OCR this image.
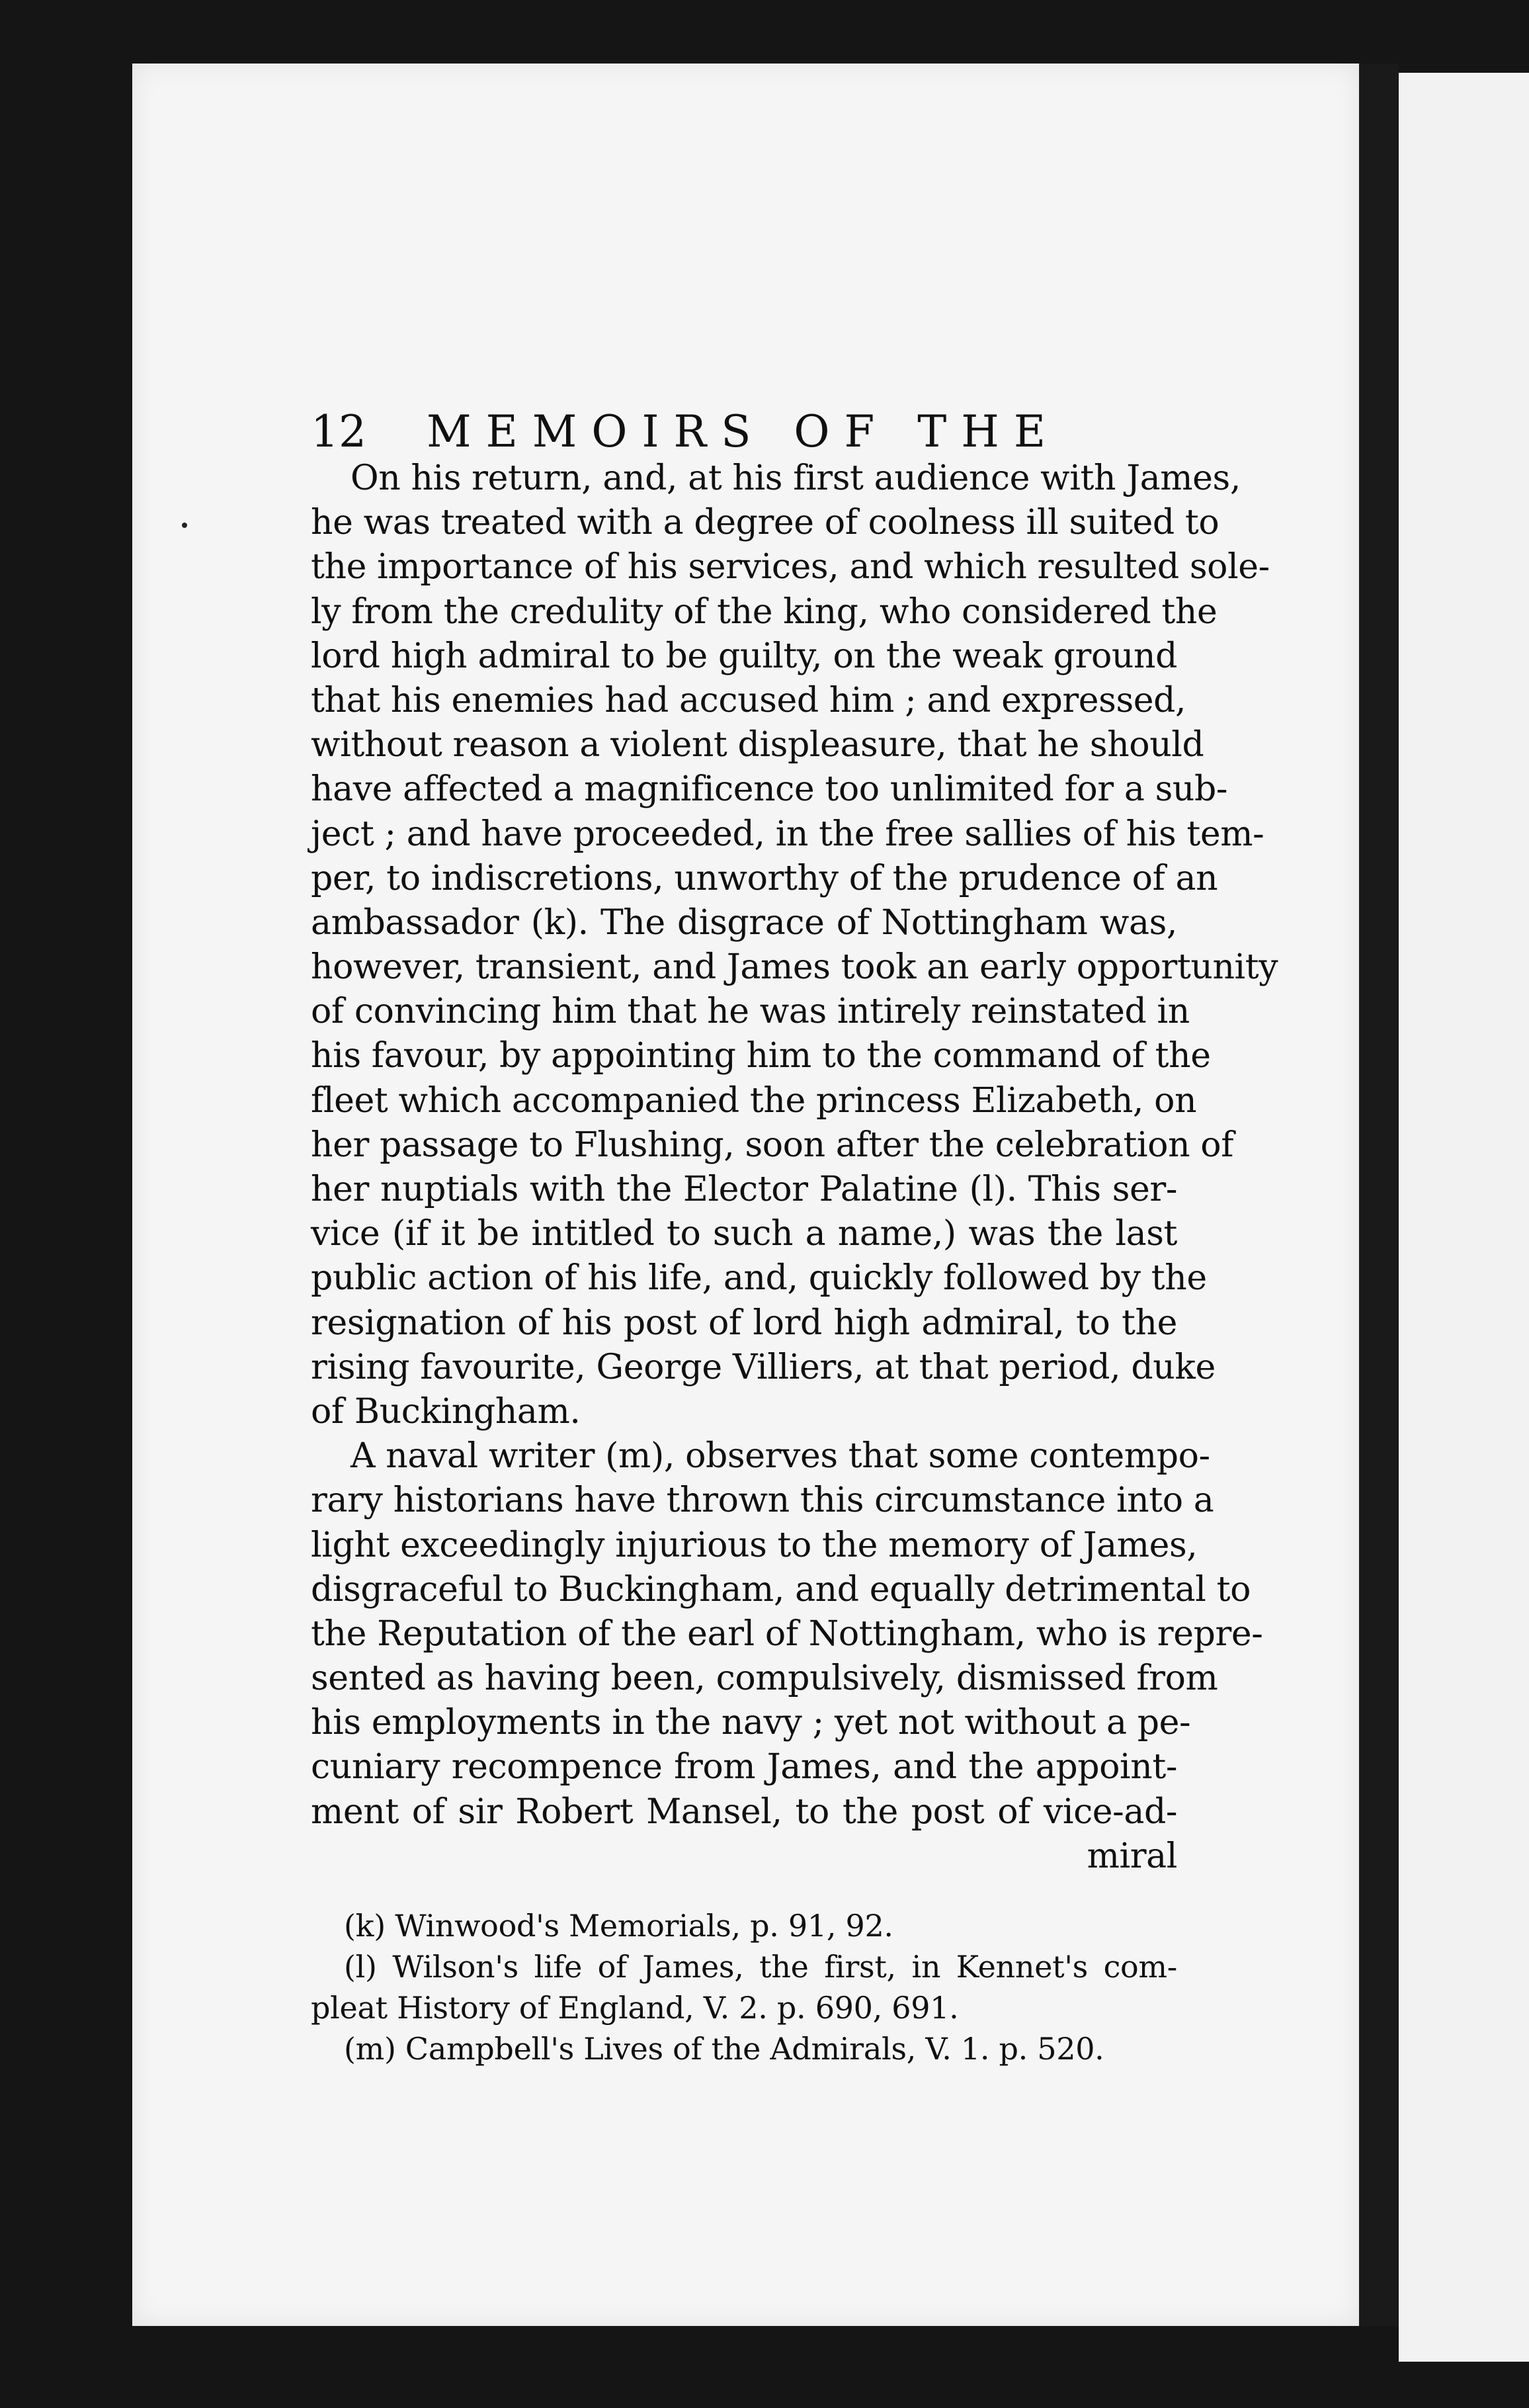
12 MEMOIRS OF THE
On his return, and, at his first audience with James,
he was treated with a degree of coolness ill suited to
the importance of his services, and which resulted sole-
ly from the credulity of the king, who considered the
lord high admiral to be guilty, on the weak ground
that his enemies had accused him ; and expressed,
without reason a violent displeasure, that he should
have affected a magnificence too unlimited for a sub-
ject ; and have proceeded, in the free sallies of his tem-
per, to indiscretions, unworthy of the prudence of an
ambassador (k). The disgrace of Nottingham was,
however, transient, and James took an early opportunity
of convincing him that he was intirely reinstated in
his favour, by appointing him to the command of the
fleet which accompanied the princess Elizabeth, on
her passage to Flushing, soon after the celebration of
her nuptials with the Elector Palatine (l). This ser-
vice (if it be intitled to such a name,) was the last
public action of his life, and, quickly followed by the
resignation of his post of lord high admiral, to the
rising favourite, George Villiers, at that period, duke
of Buckingham.
A naval writer (m), observes that some contempo-
rary historians have thrown this circumstance into a
light exceedingly injurious to the memory of James,
disgraceful to Buckingham, and equally detrimental to
the Reputation of the earl of Nottingham, who is repre-
sented as having been, compulsively, dismissed from
his employments in the navy ; yet not without a pe-
cuniary recompence from James, and the appoint-
ment of sir Robert Mansel, to the post of vice-ad-
miral
(k) Winwood's Memorials, p. 91, 92.
(l) Wilson's life of James, the first, in Kennet's com-
pleat History of England, V. 2. p. 690, 691.
(m) Campbell's Lives of the Admirals, V. 1. p. 520.
